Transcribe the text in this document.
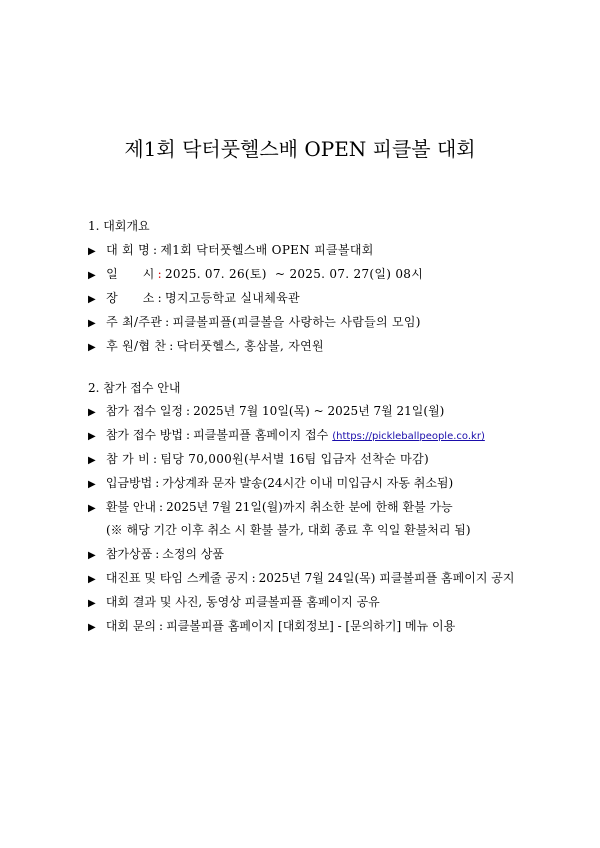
제1회 닥터풋헬스배 OPEN 피클볼 대회
1. 대회개요
▶ 대 회 명 : 제1회 닥터풋헬스배 OPEN 피클볼대회
▶ 일      시 : 2025. 07. 26(토)  ~ 2025. 07. 27(일) 08시
▶ 장      소 : 명지고등학교 실내체육관
▶ 주 최/주관 : 피클볼피플(피클볼을 사랑하는 사람들의 모임)
▶ 후 원/협 찬 : 닥터풋헬스, 홍삼볼, 자연원
2. 참가 접수 안내
▶ 참가 접수 일정 : 2025년 7월 10일(목) ~ 2025년 7월 21일(월)
▶ 참가 접수 방법 : 피클볼피플 홈페이지 접수 (https://pickleballpeople.co.kr)
▶ 참 가 비 : 팀당 70,000원(부서별 16팀 입금자 선착순 마감)
▶ 입금방법 : 가상계좌 문자 발송(24시간 이내 미입금시 자동 취소됨)
▶ 환불 안내 : 2025년 7월 21일(월)까지 취소한 분에 한해 환불 가능
(※ 해당 기간 이후 취소 시 환불 불가, 대회 종료 후 익일 환불처리 됨)
▶ 참가상품 : 소정의 상품
▶ 대진표 및 타임 스케줄 공지 : 2025년 7월 24일(목) 피클볼피플 홈페이지 공지
▶ 대회 결과 및 사진, 동영상 피클볼피플 홈페이지 공유
▶ 대회 문의 : 피클볼피플 홈페이지 [대회정보] - [문의하기] 메뉴 이용
